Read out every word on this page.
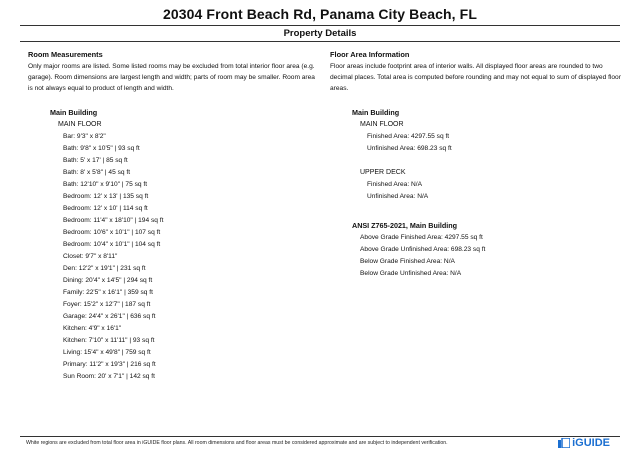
20304 Front Beach Rd, Panama City Beach, FL
Property Details
Room Measurements
Only major rooms are listed. Some listed rooms may be excluded from total interior floor area (e.g. garage). Room dimensions are largest length and width; parts of room may be smaller. Room area is not always equal to product of length and width.
Floor Area Information
Floor areas include footprint area of interior walls. All displayed floor areas are rounded to two decimal places. Total area is computed before rounding and may not equal to sum of displayed floor areas.
Main Building
MAIN FLOOR
Bar: 9'3" x 8'2"
Bath: 9'8" x 10'5" | 93 sq ft
Bath: 5' x 17' | 85 sq ft
Bath: 8' x 5'8" | 45 sq ft
Bath: 12'10" x 9'10" | 75 sq ft
Bedroom: 12' x 13' | 135 sq ft
Bedroom: 12' x 10' | 114 sq ft
Bedroom: 11'4" x 18'10" | 194 sq ft
Bedroom: 10'6" x 10'1" | 107 sq ft
Bedroom: 10'4" x 10'1" | 104 sq ft
Closet: 9'7" x 8'11"
Den: 12'2" x 19'1" | 231 sq ft
Dining: 20'4" x 14'5" | 294 sq ft
Family: 22'5" x 16'1" | 359 sq ft
Foyer: 15'2" x 12'7" | 187 sq ft
Garage: 24'4" x 26'1" | 636 sq ft
Kitchen: 4'9" x 16'1"
Kitchen: 7'10" x 11'11" | 93 sq ft
Living: 15'4" x 49'8" | 759 sq ft
Primary: 11'2" x 19'3" | 216 sq ft
Sun Room: 20' x 7'1" | 142 sq ft
Main Building
MAIN FLOOR
Finished Area: 4297.55 sq ft
Unfinished Area: 698.23 sq ft
UPPER DECK
Finished Area: N/A
Unfinished Area: N/A
ANSI Z765-2021, Main Building
Above Grade Finished Area: 4297.55 sq ft
Above Grade Unfinished Area: 698.23 sq ft
Below Grade Finished Area: N/A
Below Grade Unfinished Area: N/A
White regions are excluded from total floor area in iGUIDE floor plans. All room dimensions and floor areas must be considered approximate and are subject to independent verification.	iGUIDE
